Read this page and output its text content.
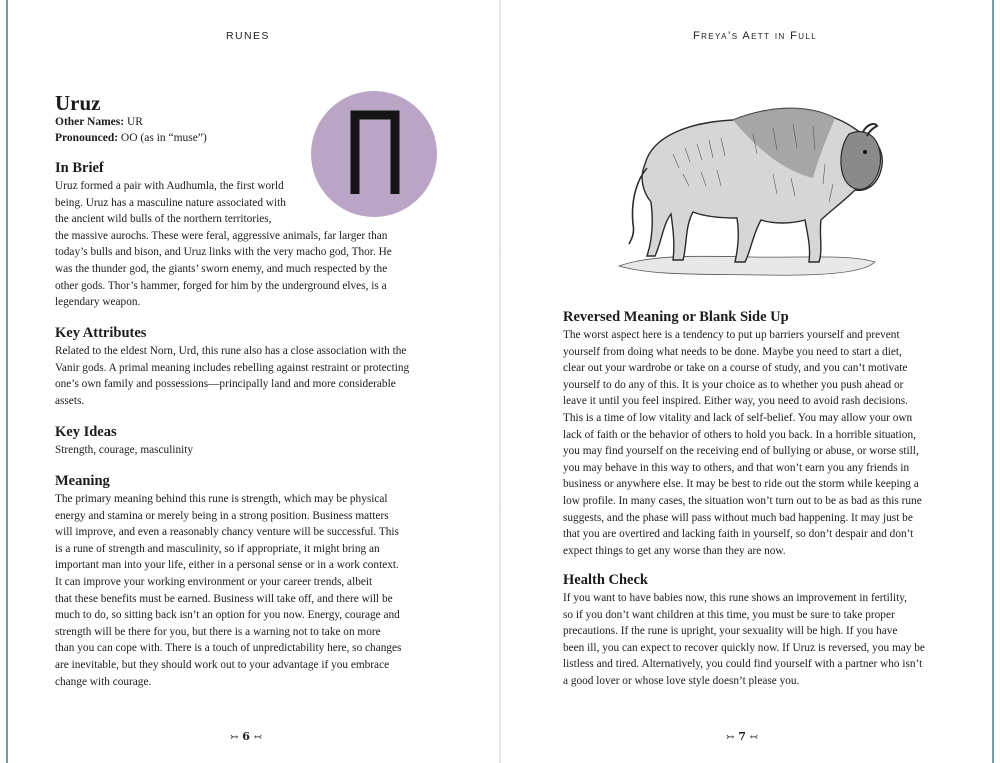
RUNES
Uruz
Other Names: UR
Pronounced: OO (as in “muse”)
In Brief
Uruz formed a pair with Audhumla, the first world
being. Uruz has a masculine nature associated with
the ancient wild bulls of the northern territories,
the massive aurochs. These were feral, aggressive animals, far larger than
today’s bulls and bison, and Uruz links with the very macho god, Thor. He
was the thunder god, the giants’ sworn enemy, and much respected by the
other gods. Thor’s hammer, forged for him by the underground elves, is a
legendary weapon.
Key Attributes
Related to the eldest Norn, Urd, this rune also has a close association with the
Vanir gods. A primal meaning includes rebelling against restraint or protecting
one’s own family and possessions—principally land and more considerable
assets.
Key Ideas
Strength, courage, masculinity
Meaning
The primary meaning behind this rune is strength, which may be physical
energy and stamina or merely being in a strong position. Business matters
will improve, and even a reasonably chancy venture will be successful. This
is a rune of strength and masculinity, so if appropriate, it might bring an
important man into your life, either in a personal sense or in a work context.
It can improve your working environment or your career trends, albeit
that these benefits must be earned. Business will take off, and there will be
much to do, so sitting back isn’t an option for you now. Energy, courage and
strength will be there for you, but there is a warning not to take on more
than you can cope with. There is a touch of unpredictability here, so changes
are inevitable, but they should work out to your advantage if you embrace
change with courage.
↣ 6 ↢
Freya’s Aett in Full
Reversed Meaning or Blank Side Up
The worst aspect here is a tendency to put up barriers yourself and prevent
yourself from doing what needs to be done. Maybe you need to start a diet,
clear out your wardrobe or take on a course of study, and you can’t motivate
yourself to do any of this. It is your choice as to whether you push ahead or
leave it until you feel inspired. Either way, you need to avoid rash decisions.
This is a time of low vitality and lack of self-belief. You may allow your own
lack of faith or the behavior of others to hold you back. In a horrible situation,
you may find yourself on the receiving end of bullying or abuse, or worse still,
you may behave in this way to others, and that won’t earn you any friends in
business or anywhere else. It may be best to ride out the storm while keeping a
low profile. In many cases, the situation won’t turn out to be as bad as this rune
suggests, and the phase will pass without much bad happening. It may just be
that you are overtired and lacking faith in yourself, so don’t despair and don’t
expect things to get any worse than they are now.
Health Check
If you want to have babies now, this rune shows an improvement in fertility,
so if you don’t want children at this time, you must be sure to take proper
precautions. If the rune is upright, your sexuality will be high. If you have
been ill, you can expect to recover quickly now. If Uruz is reversed, you may be
listless and tired. Alternatively, you could find yourself with a partner who isn’t
a good lover or whose love style doesn’t please you.
↣ 7 ↢
